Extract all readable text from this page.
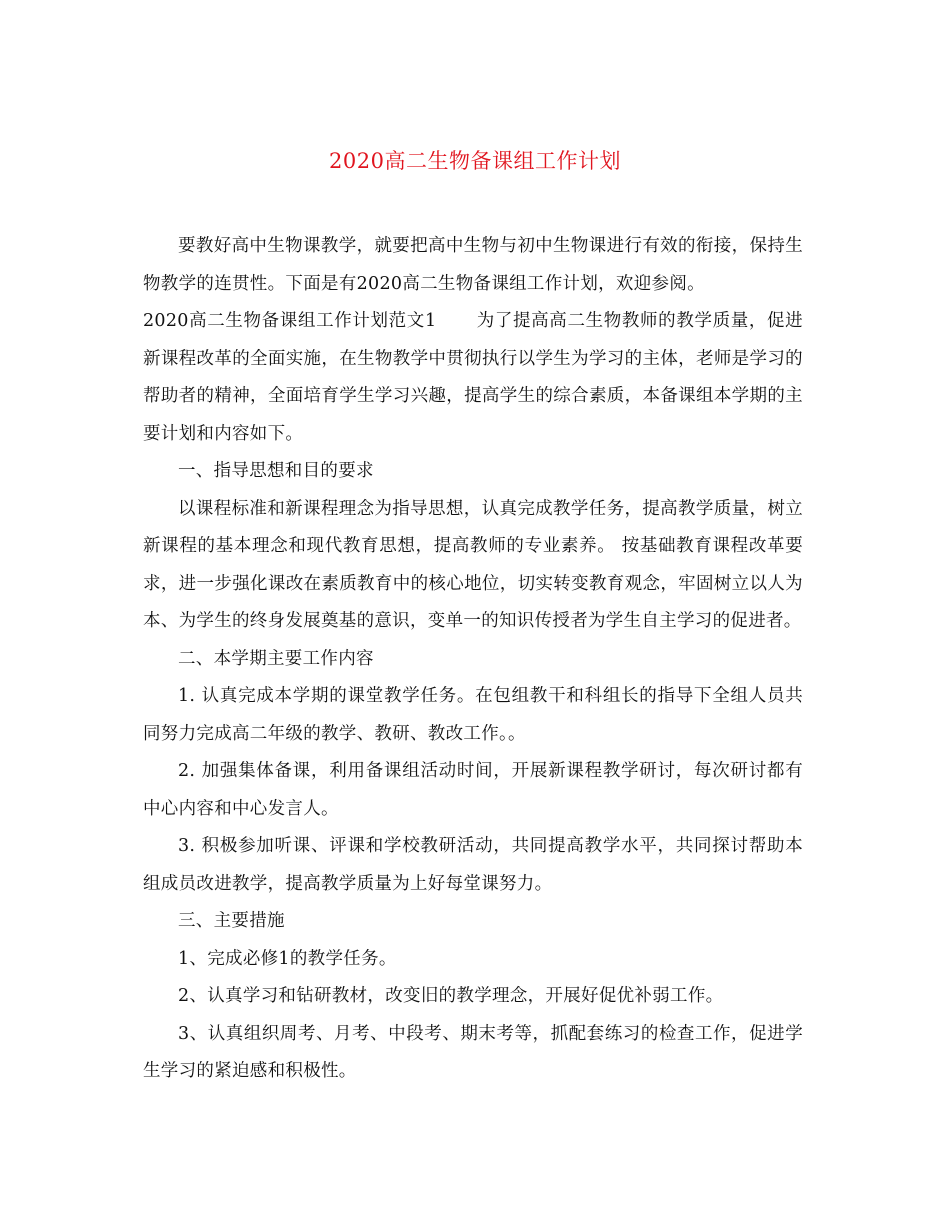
2020高二生物备课组工作计划

要教好高中生物课教学，就要把高中生物与初中生物课进行有效的衔接，保持生物教学的连贯性。下面是有2020高二生物备课组工作计划，欢迎参阅。

2020高二生物备课组工作计划范文1 为了提高高二生物教师的教学质量，促进新课程改革的全面实施，在生物教学中贯彻执行以学生为学习的主体，老师是学习的帮助者的精神，全面培育学生学习兴趣，提高学生的综合素质，本备课组本学期的主要计划和内容如下。

一、指导思想和目的要求

以课程标准和新课程理念为指导思想，认真完成教学任务，提高教学质量，树立新课程的基本理念和现代教育思想，提高教师的专业素养。 按基础教育课程改革要求，进一步强化课改在素质教育中的核心地位，切实转变教育观念，牢固树立以人为本、为学生的终身发展奠基的意识，变单一的知识传授者为学生自主学习的促进者。

二、本学期主要工作内容

1. 认真完成本学期的课堂教学任务。在包组教干和科组长的指导下全组人员共同努力完成高二年级的教学、教研、教改工作。。

2. 加强集体备课，利用备课组活动时间，开展新课程教学研讨，每次研讨都有中心内容和中心发言人。

3. 积极参加听课、评课和学校教研活动，共同提高教学水平，共同探讨帮助本组成员改进教学，提高教学质量为上好每堂课努力。

三、主要措施

1、完成必修1的教学任务。

2、认真学习和钻研教材，改变旧的教学理念，开展好促优补弱工作。

3、认真组织周考、月考、中段考、期末考等，抓配套练习的检查工作，促进学生学习的紧迫感和积极性。
